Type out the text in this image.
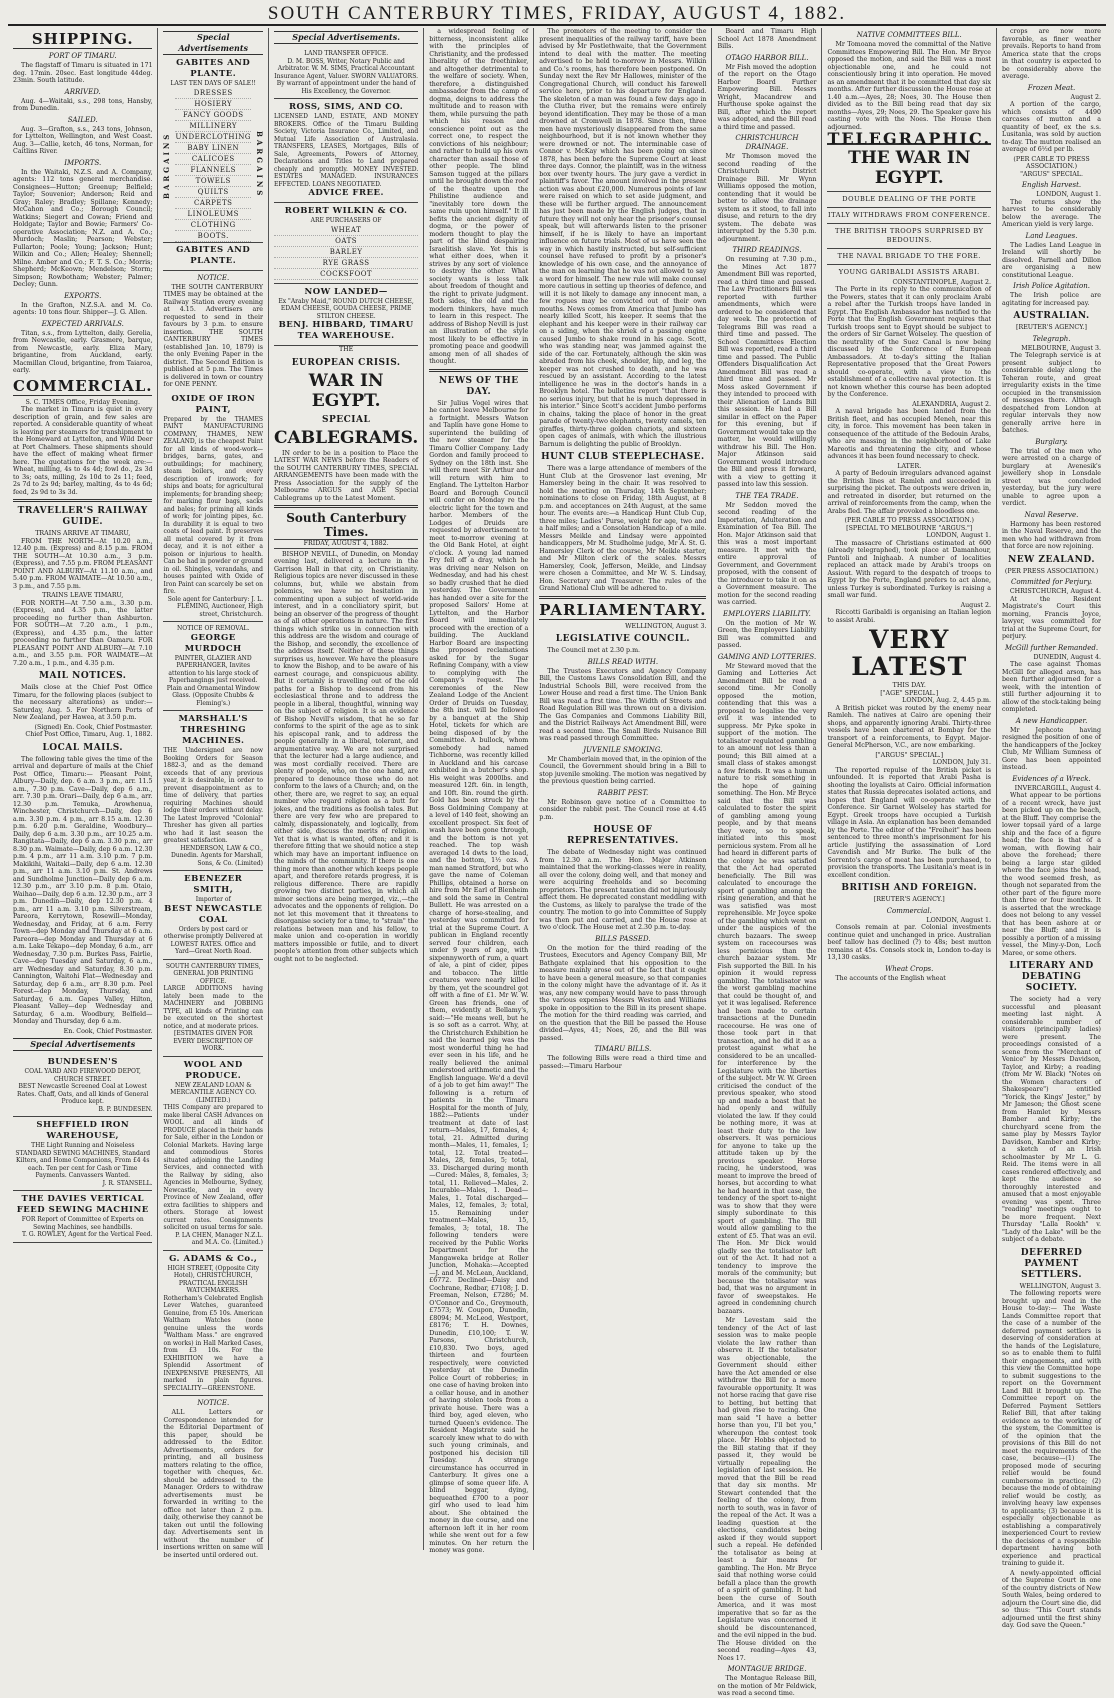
SOUTH CANTERBURY TIMES, FRIDAY, AUGUST 4, 1882.
SHIPPING.
PORT OF TIMARU.

The flagstaff of Timaru is situated in 171 deg. 17min. 20sec. East longitude 44deg. 23min. South latitude.

ARRIVED.

Aug. 4—Waitaki, s.s., 298 tons, Hansby, from Dunedin.

SAILED.

Aug. 3—Grafton, s.s., 243 tons, Johnson, for Lyttelton, Wellington, and West Coast. Aug. 3—Callie, ketch, 46 tons, Norman, for Caitlins River.

IMPORTS.

In the Waitaki, N.Z.S. and A. Company, agents: 112 tons general merchandise. Consignees—Hutton; Greenup; Belfield; Taylor; Souvenior; Anderson; Reid and Gray; Raley; Bradley; Spillane; Kennedy; McCahon and Co.; Borough Council; Watkins; Siegert and Cowan; Friend and Holdgate; Taylor and Bowie; Farmers' Co-operative Association; N.Z. and A. Co.; Murdoch; Maslin; Pearson; Webster; Fullarton; Poole; Young; Jackson; Hunt; Wilkin and Co.; Allen; Healey; Shennell; Milne. Amber and Co.; F. T. S. Co.; Morris; Shepherd; McKeown; Mendelson; Storm; Simpson; Rowbotham; Webster; Palmer; Decley; Gunn.

EXPORTS.

In the Grafton, N.Z.S.A. and M. Co. agents: 10 tons flour. Shipper—J. G. Allen.

EXPECTED ARRIVALS.

Titan, s.s., from Lyttelton, daily. Gerelia, from Newcastle, early. Grasmere, barque, from Newcastle, early. Eliza Mary, brigantine, from Auckland, early. Macmillan Cloud, brigantine, from Taiaroa, early.

COMMERCIAL.
S. C. TIMES Office, Friday Evening.

The market in Timaru is quiet in every description of grain, and few sales are reported. A considerable quantity of wheat is leaving per steamers for transhipment to the Homeward at Lyttelton, and Wild Deer at Port Chalmers. These shipments should have the effect of making wheat firmer here. The quotations for the week are:—Wheat, milling, 4s to 4s 4d; fowl do., 2s 3d to 3s; oats, milling, 2s 10d to 2s 11; feed, 2s 7d to 2s 9d; barley, malting, 4s to 4s 6d; feed, 2s 9d to 3s 3d.

TRAVELLER'S RAILWAY GUIDE.
TRAINS ARRIVE AT TIMARU,

FROM THE NORTH—At 10.20 a.m., 12.40 p.m. (Express) and 8.15 p.m. FROM THE SOUTH—At 10.30 a.m., 3 p.m. (Express), and 7.55 p.m. FROM PLEASANT POINT AND ALBURY—At 11.10 a.m., and 5.40 p.m. FROM WAIMATE—At 10.50 a.m., 3 p.m., and 7.55 p.m.

TRAINS LEAVE TIMARU,

FOR NORTH—At 7.50 a.m., 3.30 p.m. (Express), and 4.35 p.m., the latter proceeding no further than Ashburton. FOR SOUTH—At 7.20 a.m., 1 p.m., (Express), and 4.35 p.m., the latter proceeding no further than Oamaru. FOR PLEASANT POINT AND ALBURY—At 7.10 a.m., and 3.55 p.m. FOR WAIMATE—At 7.20 a.m., 1 p.m., and 4.35 p.m.

MAIL NOTICES.

Mails close at the Chief Post Office Timaru, for the following places (subject to the necessary alterations) as under:—Saturday, Aug. 5. For Northern Ports of New Zealand, per Hawea, at 3.50 p.m.

(Signed) En. Cook, Chief Postmaster. Chief Post Office, Timaru, Aug. 1, 1882.

LOCAL MAILS.

The following table gives the time of the arrival and departure of mails at the Chief Post Office, Timaru:— Pleasant Point, Albury—Daily, dep. 6 a.m. 3 p.m., arr. 11.5 a.m., 7.30 p.m. Cave—Daily, dep 6 a.m., arr. 7.30 p.m. Orari—Daily, dep 6 a.m., arr. 12.30 p.m. Temuka, Arowhenua, Winchester, Christchurch—Daily, dep 6 a.m. 3.30 p.m. 4 p.m., arr 8.15 a.m. 12.30 p.m. 6.20 p.m. Geraldine, Woodbury—Daily, dep 6 a.m. 3.30 p.m., arr 10.25 a.m. Rangitata—Daily, dep 6 a.m. 3.30 p.m., arr 8.30 p.m. Waimate—Daily, dep 6 a.m. 12.30 p.m. 4 p.m., arr 11 a.m. 3.10 p.m. 7 p.m. Makikihi, Waitaki—Daily, dep 6 a.m. 12.30 p.m., arr 11 a.m. 3.10 p.m. St. Andrews and Sundholme Junction—Daily dep 6 a.m. 12.30 p.m., arr 3.10 p.m. 8 p.m. Otaio, Waihao—Daily, dep 6 a.m. 12.30 p.m., arr 3 p.m. Dunedin—Daily, dep 12.30 p.m. 4 p.m., arr 11 a.m. 3.10 p.m. Silverstream, Pareora, Kerrytown, Rosewill—Monday, Wednesday, and Friday, at 6 a.m. Ferry Town—dep Monday and Thursday at 6 a.m. Pareora—dep Monday and Thursday at 6 a.m. Lake Tekapo—dep Monday, 6 a.m., arr Wednesday, 7.30 p.m. Burkes Pass, Fairlie, Cave—dep Tuesday and Saturday, 6 a.m., arr Wednesday and Saturday, 8.30 p.m. Cannington, Waitohi Flat—Wednesday and Saturday, dep 6 a.m., arr 8.30 p.m. Peel Forest—dep Monday, Thursday, and Saturday, 6 a.m. Gapes Valley, Hilton, Pleasant Valley—dep Wednesday and Saturday, 6 a.m. Woodbury, Belfield—Monday and Thursday, dep 6 a.m.

En. Cook, Chief Postmaster.

Special Advertisements
BUNDESEN'S
COAL YARD AND FIREWOOD DEPOT, CHURCH STREET.
BEST Newcastle Screened Coal at Lowest Rates. Chaff, Oats, and all kinds of General Produce kept.
B. P. BUNDESEN.
SHEFFIELD IRON WAREHOUSE,
THE Light Running and Noiseless STANDARD SEWING MACHINES, Standard Kilters, and Home Companions, From £4 4s each. Ten per cent for Cash or Time Payments. Canvassers Wanted.
J. R. STANSELL.
THE DAVIES VERTICAL FEED SEWING MACHINE
FOR Report of Committee of Experts on Sewing Machines, see handbills.
T. G. ROWLEY, Agent for the Vertical Feed.
Special Advertisements
GABITES AND PLANTE.
LAST TEN DAYS OF SALE!!
BARGAINS
DRESSES
HOSIERY
FANCY GOODS
MILLINERY
UNDERCLOTHING
BABY LINEN
CALICOES
FLANNELS
TOWELS
QUILTS
CARPETS
LINOLEUMS
CLOTHING
BOOTS.
BARGAINS
GABITES AND PLANTE.
NOTICE.

THE SOUTH CANTERBURY TIMES may be obtained at the Railway Station every evening at 4.15. Advertisers are requested to send in their favours by 3 p.m. to ensure insertion. THE SOUTH CANTERBURY TIMES (established Jan. 10, 1879) is the only Evening Paper in the district. The Second Edition is published at 5 p.m. The Times is delivered in town or country for ONE PENNY.

OXIDE OF IRON PAINT,
Prepared by the THAMES PAINT MANUFACTURING COMPANY, THAMES, NEW ZEALAND, is the cheapest Paint for all kinds of wood-work—bridges, barns, gates, and outbuildings; for machinery, steam boilers, and every description of ironwork; for ships and boats; for agricultural implements; for branding sheep; for marking flour bags, sacks and bales; for priming all kinds of work; for jointing pipes, &c. In durability it is equal to two coats of lead paint. It preserves all metal covered by it from decay, and it is not either a poison or injurious to health. Can be had in powder or ground in oil. Shingles, verandahs, and houses painted with Oxide of Iron Paint can scarcely be set on fire.
Sole agent for Canterbury: J. L. FLEMING, Auctioneer, High street, Christchurch.
NOTICE OF REMOVAL.
GEORGE MURDOCH
PAINTER, GLAZIER AND PAPERHANGER, Invites attention to his large stock of Paperhangings just received. Plain and Ornamental Window Glass. (Opposite Chubbs & Fleming's.)
MARSHALL'S THRESHING MACHINES.
THE Undersigned are now Booking Orders for Season 1882-3, and as the demand exceeds that of any previous year, it is desirable, in order to prevent disappointment as to time of delivery, that parties requiring Machines should lodge their orders without delay. The Latest Improved "Colonial" Thresher has given all parties who had it last season the greatest satisfaction.
HENDERSON, LAW & CO., Dunedin. Agents for Marshall, Sons, & Co. (Limited)
EBENEZER SMITH,
Importer of
BEST NEWCASTLE COAL
Orders by post card or otherwise promptly Delivered at LOWEST RATES. Office and Yard—Great North Road.
SOUTH CANTERBURY TIMES, GENERAL JOB PRINTING OFFICE.
LARGE ADDITIONS having lately been made to the MACHINERY and JOBBING TYPE, all kinds of Printing can be executed on the shortest notice, and at moderate prices.
[ESTIMATES GIVEN FOR EVERY DESCRIPTION OF WORK.
WOOL AND PRODUCE.
NEW ZEALAND LOAN & MERCANTILE AGENCY CO. (LIMITED.)
THIS Company are prepared to make liberal CASH Advances on WOOL and all kinds of PRODUCE placed in their hands for Sale, either in the London or Colonial Markets. Having large and commodious Stores situated adjoining the Landing Services, and connected with the Railway by siding, also Agencies in Melbourne, Sydney, Newcastle, and in every Province of New Zealand, offer extra facilities to shippers and others. Storage at lowest current rates. Consignments solicited on usual terms for sale.
P. LA CHEN, Manager N.Z.L. and M.A. Co. (Limited.)
G. ADAMS & Co.,
HIGH STREET, (Opposite City Hotel), CHRISTCHURCH, PRACTICAL ENGLISH WATCHMAKERS.
Rotherham's Celebrated English Lever Watches, guaranteed Genuine, from £5 10s. American Waltham Watches (none genuine unless the words "Waltham Mass." are engraved on works) in Hall Marked Cases, from £3 10s. For the EXHIBITION we have a Splendid Assortment of INEXPENSIVE PRESENTS, All marked in plain figures. SPECIALITY—GREENSTONE.
NOTICE.

ALL Letters or Correspondence intended for the Editorial Department of this paper, should be addressed to the Editor. Advertisements, orders for printing, and all business matters relating to the office, together with cheques, &c. should be addressed to the Manager. Orders to withdraw advertisements must be forwarded in writing to the office not later than 2 p.m. daily, otherwise they cannot be taken out until the following day. Advertisements sent in without the number of insertions written on same will be inserted until ordered out.

Special Advertisements.
LAND TRANSFER OFFICE.
D. M. BOSS, Writer, Notary Public and Arbitrator. W. M. SIMS, Practical Accountant Insurance Agent, Valuer. SWORN VALUATORS. By warrant of appointment under the hand of His Excellency, the Governor.
ROSS, SIMS, AND CO.
LICENSED LAND, ESTATE, AND MONEY BROKERS. Office of the Timaru Building Society, Victoria Insurance Co., Limited, and Mutual Life Association of Australasia. TRANSFERS, LEASES, Mortgages, Bills of Sale, Agreements, Powers of Attorney, Declarations and Titles to Land prepared cheaply and promptly. MONEY INVESTED. ESTATES MANAGED. INSURANCES EFFECTED. LOANS NEGOTIATED.
ADVICE FREE.
ROBERT WILKIN & CO.
ARE PURCHASERS OF
WHEAT
OATS
BARLEY
RYE GRASS
COCKSFOOT
NOW LANDED—
Ex "Araby Maid," ROUND DUTCH CHEESE, EDAM CHEESE, GOUDA CHEESE, PRIME STILTON CHEESE.
BENJ. HIBBARD, TIMARU TEA WAREHOUSE.
THE
EUROPEAN CRISIS.
WAR IN EGYPT.
SPECIAL
CABLEGRAMS.

IN order to be in a position to Place the LATEST WAR NEWS before the Readers of the SOUTH CANTERBURY TIMES, SPECIAL ARRANGEMENTS have been made with the Press Association for the supply of the Melbourne ARGUS and AGE Special Cablegrams up to the Latest Moment.

South Canterbury Times.
FRIDAY, AUGUST 4, 1882.

BISHOP NEVILL, of Dunedin, on Monday evening last, delivered a lecture in the Garrison Hall in that city, on Christianity. Religious topics are never discussed in these columns, but, while we abstain from polemics, we have no hesitation in commenting upon a subject of world-wide interest, and in a conciliatory spirit, but being an observer of the progress of thought as of all other operations in nature. The first things which strike us in connection with this address are the wisdom and courage of the Bishop, and secondly, the excellence of the address itself. Neither of these things surprises us, however. We have the pleasure to know the Bishop, and to be aware of his earnest courage, and conspicuous ability. But it certainly is travelling out of the old paths for a Bishop to descend from his ecclesiastical throne and to address the people in a liberal, thoughtful, winning way on the subject of religion. It is an evidence of Bishop Nevill's wisdom, that he so far conforms to the spirit of the age as to sink his episcopal rank, and to address the people generally in a liberal, tolerant, and argumentative way. We are not surprised that the lecturer had a large audience, and was most cordially received. There are plenty of people, who, on the one hand, are prepared to denounce those who do not conform to the laws of a Church; and, on the other, there are, we regret to say, an equal number who regard religion as a butt for jokes, and the traditions as foolish tales. But there are very few who are prepared to calmly, dispassionately, and logically, from either side, discuss the merits of religion. Yet that is what is wanted, often; and it is therefore fitting that we should notice a step which may have an important influence on the minds of the community. If there is one thing more than another which keeps people apart, and therefore retards progress, it is religious difference. There are rapidly growing two distinct parties, in which all minor sections are being merged, viz.,—the advocates and the opponents of religion. Do not let this movement that it threatens to disorganise society for a time, to "strain" the relations between man and his fellow, to make union and co-operation in worldly matters impossible or futile, and to divert people's attention from other subjects which ought not to be neglected.

a widespread feeling of bitterness, inconsistent alike with the principles of Christianity, and the professed liberality of the freethinker, and altogether detrimental to the welfare of society. When, therefore, a distinguished ambassador from the camp of dogma, deigns to address the multitude and to reason with them, while pursuing the path which his reason and conscience point out as the correct one, to respect the convictions of his neighbour; and rather to build up his own character than assail those of other people. The blind Samson tugged at the pillars until he brought down the roof of the theatre upon the Philistine audience and "inevitably tore down the same ruin upon himself." It ill befits the ancient dignity of dogma, or the power of modern thought to play the part of the blind despairing Israelitish slave. Yet this is what either does, when it strives by any sort of violence to destroy the other. What society wants is less talk about freedom of thought and the right to private judgment. Both sides, the old and the modern thinkers, have much to learn in this respect. The address of Bishop Nevill is just an illustration of the style most likely to be effective in promoting peace and goodwill among men of all shades of thought.

NEWS OF THE DAY.

Sir Julius Vogel wires that he cannot leave Melbourne for a fortnight. Messrs Watson and Taplin have gone Home to superintend the building of the new steamer for the Timaru Collier Company. Lady Gordon and family proceed to Sydney on the 18th inst. She will there meet Sir Arthur and will return with him to England. The Lyttelton Harbor Board and Borough Council will confer on Monday re the electric light for the town and harbor. Members of the Lodges of Druids are requested by advertisement to meet to-morrow evening at the Old Bank Hotel, at eight o'clock. A young lad named Fry fell off a dray, which he was driving near Nelson on Wednesday, and had his chest so badly crushed that he died yesterday. The Government has handed over a site for the proposed Sailors' Home at Lyttelton, and the Harbor Board will immediately proceed with the erection of a building. The Auckland Harbor Board are inspecting the proposed reclamations asked for by the Sugar Refining Company, with a view to complying with the Company's request. The ceremonies of the New Zealand Lodge of the Ancient Order of Druids on Tuesday, the 8th inst. will be followed by a banquet at the Ship Hotel, tickets for which are being disposed of by the Committee. A bullock, whom somebody had named Tichborne, was recently killed in Auckland and his carcase exhibited in a butcher's shop. His weight was 2000lbs. and measured 12ft. 6in. in length, and 10ft. 8in. round the girth. Gold has been struck by the Boss Goldmining Company at a level of 140 feet, showing an excellent prospect. Six feet of wash have been gone through, and the bottom is not yet reached. The top wash averaged 14 dwts to the load, and the bottom, 1½ ozs. A man named Stratford, but who gave the name of Coleman Phillips, obtained a horse on hire from Mr Earl of Blenheim and sold the same in Central Bullett. He was arrested on a charge of horse-stealing, and yesterday was committed for trial at the Supreme Court. A publican in England recently served four children, each under 9 years of age, with sixpennyworth of rum, a quart of ale, a pint of cider, pipes and tobacco. The little creatures were nearly killed by them, yet the scoundrel got off with a fine of £1. Mr W. W. Green has friends, one of them, evidently at Bellamy's, said:—"He means well, but he is so soft as a carrot. Why, at the Christchurch Exhibition he said the learned pig was the most wonderful thing he had ever seen in his life, and he really believed the animal understood arithmetic and the English language. We'd a devil of a job to get him away!" The following is a return of patients in the Timaru Hospital for the month of July, 1882:—Patients under treatment at date of last return—Males, 17, females, 4; total, 21. Admitted during month—Males, 11, females, 1; total, 12. Total treated—Males, 28, females, 5; total, 33. Discharged during month—Cured: Males, 8, females, 3; total, 11. Relieved—Males, 2. Incurable—Males, 1. Dead—Males, 1. Total discharged—Males, 12, females, 3; total, 15. Remaining under treatment—Males, 15, females, 3; total, 18. The following tenders were received by the Public Works Department for the Mangaweka bridge at Roller Junction, Mohaka:—Accepted—J. and M. McLean, Auckland, £6772. Declined—Daisy and Cochrane, Redbar, £7108; J. D. Freeman, Nelson, £7286; M. O'Connor and Co., Greymouth, £7573; W. Coupon, Dunedin, £8094; M. McLeod, Westport, £8176; T. H. Downes, Dunedin, £10,100; T. W. Parsons, Christchurch, £10,830. Two boys, aged thirteen and fourteen respectively, were convicted yesterday at the Dunedin Police Court of robberies; in one case of having broken into a cellar house, and in another of having stolen tools from a private house. There was a third boy, aged eleven, who turned Queen's evidence. The Resident Magistrate said he scarcely knew what to do with such young criminals, and postponed his decision till Tuesday. A strange circumstance has occurred in Canterbury. It gives one a glimpse of some queer life. A blind beggar, dying, bequeathed £700 to a poor girl who used to lead him about. She obtained the money in due course, and one afternoon left it in her room while she went out for a few minutes. On her return the money was gone.

The promoters of the meeting to consider the present inequalities of the railway tariff, have been advised by Mr Postlethwaite, that the Government intend to deal with the matter. The meeting advertised to be held to-morrow in Messrs. Wilkin and Co.'s rooms, has therefore been postponed. On Sunday next the Rev Mr Hallowes, minister of the Congregational Church, will conduct his farewell service here, prior to his departure for England. The skeleton of a man was found a few days ago in the Clutha river, but the remains were entirely beyond identification. They may be those of a man drowned at Cromwell in 1878. Since then, three men have mysteriously disappeared from the same neighbourhood, but it is not known whether they were drowned or not. The interminable case of Connor v. McKay which has been going on since 1878, has been before the Supreme Court at least three days. Connor, the plaintiff, was in the witness box over twenty hours. The jury gave a verdict in plaintiff's favor. The amount involved in the present action was about £20,000. Numerous points of law were raised on which to set aside judgment, and these will be further argued. The announcement has just been made by the English judges, that in future they will not only hear the prisoner's counsel speak, but will afterwards listen to the prisoner himself, if he is likely to have an important influence on future trials. Most of us have seen the way in which hastily instructed, but self-sufficient counsel have refused to profit by a prisoner's knowledge of his own case, and the annoyance of the man on learning that he was not allowed to say a word for himself. The new rule will make counsel more cautious in setting up theories of defence, and will it is not likely to damage any innocent man, a few rogues may be convicted out of their own mouths. News comes from America that Jumbo has nearly killed Scott, his keeper. It seems that the elephant and his keeper were in their railway car on a siding, when the shriek of a passing engine caused Jumbo to shake round in his cage. Scott, who was standing near, was jammed against the side of the car. Fortunately, although the skin was abraded from his cheek, shoulder, hip, and leg, the keeper was not crushed to death, and he was rescued by an assistant. According to the latest intelligence he was in the doctor's hands in a Brooklyn hotel. The bulletins report "that there is no serious injury, but that he is much depressed in his interior." Since Scott's accident Jumbo performs in chains, taking the place of honor in the great parade of twenty-two elephants, twenty camels, ten giraffes, thirty-three golden chariots, and sixteen open cages of animals, with which the illustrious Barnum is delighting the public of Brooklyn.

HUNT CLUB STEEPLECHASE.

There was a large attendance of members of the Hunt Club at the Grosvenor last evening, Mr Hamersley being in the chair. It was resolved to hold the meeting on Thursday, 14th September; nominations to close on Friday, 18th August, at 8 p.m. and acceptances on 24th August, at the same hour. The events are:—a Handicap Hunt Club Cup, three miles; Ladies' Purse, weight for age, two and a half miles; and a Consolation Handicap of a mile. Messrs Meikle and Lindsay were appointed handicappers, Mr M. Studholme judge, Mr A. St. G. Hamersley Clerk of the course, Mr Meikle starter, and Mr Milton clerk of the scales. Messrs Hamersley, Cook, Jefferson, Meikle, and Lindsay were chosen a Committee, and Mr W. S. Lindsay, Hon. Secretary and Treasurer. The rules of the Grand National Club will be adhered to.

PARLIAMENTARY.
WELLINGTON, August 3.
LEGISLATIVE COUNCIL.

The Council met at 2.30 p.m.

BILLS READ WITH.

The Trustees Executors and Agency Company Bill, the Customs Laws Consolidation Bill, and the Industrial Schools Bill, were received from the Lower House and read a first time. The Union Bank Bill was read a first time. The Width of Streets and Road Regulation Bill was thrown out on a division. The Gas Companies and Commons Liability Bill, and the District Railways Act Amendment Bill, were read a second time. The Small Birds Nuisance Bill was read passed through Committee.

JUVENILE SMOKING.

Mr Chamberlain moved that, in the opinion of the Council, the Government should bring in a Bill to stop juvenile smoking. The motion was negatived by the previous question being carried.

RABBIT PEST.

Mr Robinson gave notice of a Committee to consider the rabbit pest. The Council rose at 4.45 p.m.

HOUSE OF REPRESENTATIVES.

The debate of Wednesday night was continued from 12.30 a.m. The Hon. Major Atkinson maintained that the working-classes were in reality, all over the colony, doing well, and that money and were acquiring freeholds and so becoming proprietors. The present taxation did not injuriously affect them. He deprecated constant meddling with the Customs, as likely to paralyse the trade of the country. The motion to go into Committee of Supply was then put and carried, and the House rose at two o'clock. The House met at 2.30 p.m. to-day.

BILLS PASSED.

On the motion for the third reading of the Trustees, Executors and Agency Company Bill, Mr Bathgate explained that his opposition to the measure mainly arose out of the fact that it ought to have been a general measure, so that companies in the colony might have the advantage of it. As it was, any new company would have to pass through the various expenses Messrs Weston and Williams spoke in opposition to the Bill in its present shape. The motion for the third reading was carried, and on the question that the Bill be passed the House divided—Ayes, 41; Noes, 26, and the Bill was passed.

TIMARU BILLS.

The following Bills were read a third time and passed:—Timaru Harbour

Board and Timaru High School Act 1878 Amendment Bills.

OTAGO HARBOR BILL.

Mr Fish moved the adoption of the report on the Otago Harbor Board Further Empowering Bill. Messrs Wright, Macandrew and Hurthouse spoke against the Bill, after which the report was adopted, and the Bill read a third time and passed.

CHRISTCHURCH DRAINAGE.

Mr Thomson moved the second reading of the Christchurch District Drainage Bill. Mr Wynn Williams opposed the motion, contending that it would be better to allow the drainage system as it stood, to fall into disuse, and return to the dry system. The debate was interrupted by the 5.30 p.m. adjournment.

THIRD READINGS.

On resuming at 7.30 p.m., the Mines Act 1877 Amendment Bill was reported, read a third time and passed. The Law Practitioners Bill was reported with further amendments, which were ordered to be considered that day week. The protection of Telegrams Bill was read a third time and passed. The School Committees Election Bill was reported, read a third time and passed. The Public Offenders Disqualification Act Amendment Bill was read a third time and passed. Mr Moss asked Government if they intended to proceed with their Alienation of Lands Bill this session. He had a Bill similar in effect on the Paper for this evening, but if Government would take up the matter, he would willingly withdraw his Bill. The Hon. Major Atkinson said Government would introduce the Bill and press it forward, with a view to getting it passed into law this session.

THE TEA TRADE.

Mr Seddon moved the second reading of the Importation, Adulteration and Examination of Tea Bill. The Hon. Major Atkinson said that this was a most important measure. It met with the entire approval of Government, and Government proposed, with the consent of the introducer to take it on as a Government measure. The motion for the second reading was carried.

EMPLOYERS LIABILITY.

On the motion of Mr W. Green, the Employers Liability Bill was committed and passed.

GAMING AND LOTTERIES.

Mr Steward moved that the Gaming and Lotteries Act Amendment Bill be read a second time. Mr Conolly opposed the motion, contending that this was a proposal to legalise the very evil it was intended to suppress. Mr Pyke spoke in support of the motion. The totalisator regulated gambling to an amount not less than a pound; this Bill aimed at a small class of stakes amongst a few friends. It was a human nature to risk something in the hope of gaining something. The Hon. Mr Bryce said that the Bill was calculated to foster the spirit of gambling among young people, and by that means they were, so to speak, initiated into this most pernicious system. From all he had heard in different parts of the colony he was satisfied that the Act had operated beneficially. The Bill was calculated to encourage the sport of gambling among the rising generation, and that he was satisfied was most reprehensible. Mr Joyce spoke of the gambling which went on under the auspices of the church bazaars. The sweep system on racecourses was less pernicious than the church bazaar system. Mr Fish supported the Bill. In his opinion it would repress gambling. The totalisator was the worst gambling machine that could be thought of, and yet it was legalised. Reference had been made to certain transactions at the Dunedin racecourse. He was one of those took part in that transaction, and he did it as a protest against what he considered to be an uncalled-for interference by the Legislature with the liberties of the subject. Mr W. W. Green criticised the conduct of the previous speaker, who stood up and made a boast that he had openly and wilfully violated the law. If they could be nothing more, it was at least their duty to the law observers. It was pernicious for anyone to take up the attitude taken up by the previous speaker. Horse racing, he understood, was meant to improve the breed of horses, but according to what he had heard in that case, the tendency of the sport to-night was to show that they were simply subordinate to this sport of gambling. The Bill would allow gambling to the extent of £5. That was an evil. The Hon. Mr Dick would gladly see the totalisator left out of the Act. It had not a tendency to improve the morals of the community; but because the totalisator was bad, that was no argument in favor of sweepstakes. He agreed in condemning church bazaars.

Mr Levestam said the tendency of the Act of last session was to make people violate the law rather than observe it. If the totalisator was objectionable, the Government should either have the Act amended or else withdraw the Bill for a more favourable opportunity. It was not horse racing that gave rise to betting, but betting that had given rise to racing. One man said "I have a better horse than you, I'll bet you," whereupon the contest took place. Mr Hobbs objected to the Bill stating that if they passed it, they would be virtually repealing the legislation of last session. He moved that the Bill be read that day six months. Mr Stewart contended that the feeling of the colony, from north to south, was in favor of the repeal of the Act. It was a leading question at the elections, candidates being asked if they would support such a repeal. He defended the totalisator as being at least a fair means for gambling. The Hon. Mr Bryce said that nothing worse could befall a place than the growth of a spirit of gambling. It had been the curse of South America, and it was most imperative that so far as the Legislature was concerned it should be discountenanced, and the evil nipped in the bud. The House divided on the second reading—Ayes 43, Noes 17.

MONTAGUE BRIDGE.

The Montague Release Bill, on the motion of Mr Feldwick, was read a second time.

NATIVE COMMITTEES BILL.

Mr Tomoana moved the committal of the Native Committees Empowering Bill. The Hon. Mr Bryce opposed the motion, and said the Bill was a most objectionable one, and he could not conscientiously bring it into operation. He moved as an amendment that it be committed that day six months. After further discussion the House rose at 1.40 a.m.—Ayes, 28; Noes, 30. The House then divided as to the Bill being read that day six months—Ayes, 29; Noes, 29. The Speaker gave his casting vote with the Noes. The House then adjourned.

TELEGRAPHIC.
THE WAR IN EGYPT.
DOUBLE DEALING OF THE PORTE
ITALY WITHDRAWS FROM CONFERENCE.
THE BRITISH TROOPS SURPRISED BY BEDOUINS.
THE NAVAL BRIGADE TO THE FORE.
YOUNG GARIBALDI ASSISTS ARABI.
CONSTANTINOPLE, August 2.

The Porte in its reply to the communication of the Powers, states that it can only proclaim Arabi a rebel after the Turkish troops have landed in Egypt. The English Ambassador has notified to the Porte that the English Government requires that Turkish troops sent to Egypt should be subject to the orders of Sir Garnet Wolseley. The question of the neutrality of the Suez Canal is now being discussed by the Conference of European Ambassadors. At to-day's sitting the Italian Representative proposed that the Great Powers should co-operate, with a view to the establishment of a collective naval protection. It is not known whether this course has been adopted by the Conference.

ALEXANDRIA, August 2.

A naval brigade has been landed from the British fleet, and has occupied Meneh, near this city, in force. This movement has been taken in consequence of the attitude of the Bedouin Arabs, who are massing in the neighborhood of Lake Mareotis and threatening the city, and whose advances it has been found necessary to check.

LATER.

A party of Bedouin irregulars advanced against the British lines at Ramleh and succeeded in surprising the picket. The outposts were driven in, and retreated in disorder, but returned on the arrival of reinforcements from the camp, when the Arabs fled. The affair provoked a bloodless one.

(PER CABLE TO PRESS ASSOCIATION.)
[SPECIAL TO MELBOURNE "ARGUS."]
LONDON, August 1.

The massacre of Christians estimated at 600 (already telegraphed), took place at Damanhour, Pantoli and Inighaab. A number of localities replaced an attack made by Arabi's troops on Assiout. With regard to the despatch of troops to Egypt by the Porte, England prefers to act alone, unless Turkey is subordinated. Turkey is raising a small war fund.

August 2.

Riccotti Garibaldi is organising an Italian legion to assist Arabi.

VERY LATEST
THIS DAY.
["AGE" SPECIAL.]
LONDON, Aug. 2, 4.45 p.m.

A British picket was routed by the enemy near Ramleh. The natives at Cairo are opening their shops, and apparently ignoring Arabi. Thirty-three vessels have been chartered at Bombay for the transport of a reinforcements, to Egypt. Major-General McPherson, V.C., are now embarking.

["ARGUS" SPECIAL.]
LONDON, July 31.

The reported repulse of the British picket is unfounded. It is reported that Arabi Pasha is shooting the loyalists at Cairo. Official information states that Russia deprecates isolated actions, and hopes that England will co-operate with the Conference. Sir Garnet Wolseley has started for Egypt. Greek troops have occupied a Turkish village in Asia. An explanation has been demanded by the Porte. The editor of the "Freiheit" has been sentenced to three month's imprisonment for his article justifying the assassination of Lord Cavendish and Mr Burke. The bulk of the Sorrento's cargo of meat has been purchased, to provision the transports. The Lusitania's meat is in excellent condition.

BRITISH AND FOREIGN.
[REUTER'S AGENCY.]
Commercial.
LONDON, August 1.

Consols remain at par. Colonial investments continue quiet and unchanged in price. Australian beef tallow has declined (?) to 48s; best mutton remains at 45s. Consols stock in, London to-day is 13,130 casks.

Wheat Crops.

The accounts of the English wheat

crops are now more favorable, as finer weather prevails. Reports to hand from America state that the crops in that country is expected to be considerably above the average.

Frozen Meat.
August 2.

A portion of the cargo, which consists of 4490 carcases of mutton and a quantity of beef, ex the s.s. Lusitania, was sold by auction to-day. The mutton realised an average of 6½d per lb.

(PER CABLE TO PRESS ASSOCIATION.)
"ARGUS" SPECIAL.
English Harvest.
LONDON, August 1.

The returns show the harvest to be considerably below the average. The American yield is very large.

Land Leagues.

The Ladies Land League in Ireland will shortly be dissolved. Parnell and Dillon are organising a new constitutional League.

Irish Police Agitation.

The Irish police are agitating for increased pay.

AUSTRALIAN.
[REUTER'S AGENCY.]
Telegraph.
MELBOURNE, August 3.

The Telegraph service is at present subject to considerable delay along the Teheran route, and great irregularity exists in the time occupied in the transmission of messages there. Although despatched from London at regular intervals they now generally arrive here in batches.

Burglary.

The trial of the men who were arrested on a charge of burglary at Avenesik's jewellery shop in Lonsdale street was concluded yesterday, but the jury were unable to agree upon a verdict.

Naval Reserve.

Harmony has been restored in the Naval Reserve, and the men who had withdrawn from that force are now rejoining.

NEW ZEALAND.
(PER PRESS ASSOCIATION.)
Committed for Perjury.
CHRISTCHURCH, August 4.

At the Resident Magistrate's Court this morning, Francis Joyce, lawyer, was committed for trial at the Supreme Court, for perjury.

McGill further Remanded.
DUNEDIN, August 4.

The case against Thomas McGill for alleged arson, has been further adjourned for a week, with the intention of still further adjourning it to allow of the stock-taking being completed.

A new Handicapper.

Mr Jephcote having resigned the position of one of the handicappers of the Jockey Club, Mr William Sumness of Gore has been appointed instead.

Evidences of a Wreck.
INVERCARGILL, August 4.

What appear to be portions of a recent wreck, have just been picked up on the beach, at the Bluff. They comprise the lower topsail yard of a large ship and the face of a figure head; the face is that of a woman, with flowing hair above the forehead; there being a large star gilded where the face joins the head, the wood seemed fresh, as though not separated from the other part of the figure more than three or four months. It is asserted that the wreckage does not belong to any vessel that has been ashore at or near the Bluff; and it is possibly a portion of a missing vessel, the Miny-y-Don, Loch Maree, or some others.

LITERARY AND DEBATING SOCIETY.

The society had a very successful and pleasant meeting last night. A considerable number of visitors (principally ladies) were present. The proceedings consisted of a scene from the "Merchant of Venice" by Messrs Davidson, Taylor, and Kirby; a reading (from Mr W. Black) "Notes on the Women characters of Shakespeare") entitled "Yorick, the Kings' Jester," by Mr Jameson; the Ghost scene from Hamlet by Messrs Bamber and Kirby; the churchyard scene from the same play by Messrs Taylor Davidson, Kamber and Kirby; a sketch of an Irish schoolmaster by Mr L. G. Reid. The items were in all cases rendered effectively, and kept the audience so thoroughly interested and amused that a most enjoyable evening was spent. Three "reading" meetings ought to be more frequent. Next Thursday "Lalla Rookh" v. "Lady of the Lake" will be the subject of a debate.

DEFERRED PAYMENT SETTLERS.
WELLINGTON, August 3.

The following reports were brought up and read in the House to-day:— The Waste Lands Committee report that the case of a number of the deferred payment settlers is deserving of consideration at the hands of the Legislature, so as to enable them to fulfil their engagements, and with this view the Committee hope to submit suggestions to the report on the Government Land Bill it brought up. The Committee report on the Deferred Payment Settlers Relief Bill, that after taking evidence as to the working of the system, the Committee is of the opinion that the provisions of this Bill do not meet the requirements of the case, because—(1) The proposed mode of securing relief would be found cumbersome in practice; (2) because the mode of obtaining relief would be costly, as involving heavy law expenses to applicants; (3) because it is especially objectionable as establishing a comparatively inexperienced Court to review the decisions of a responsible department having both experience and practical training to guide it.

A newly-appointed official of the Supreme Court in one of the country districts of New South Wales, being ordered to adjourn the Court sine die, did so thus: "This Court stands adjourned until the first shiny day. God save the Queen."
